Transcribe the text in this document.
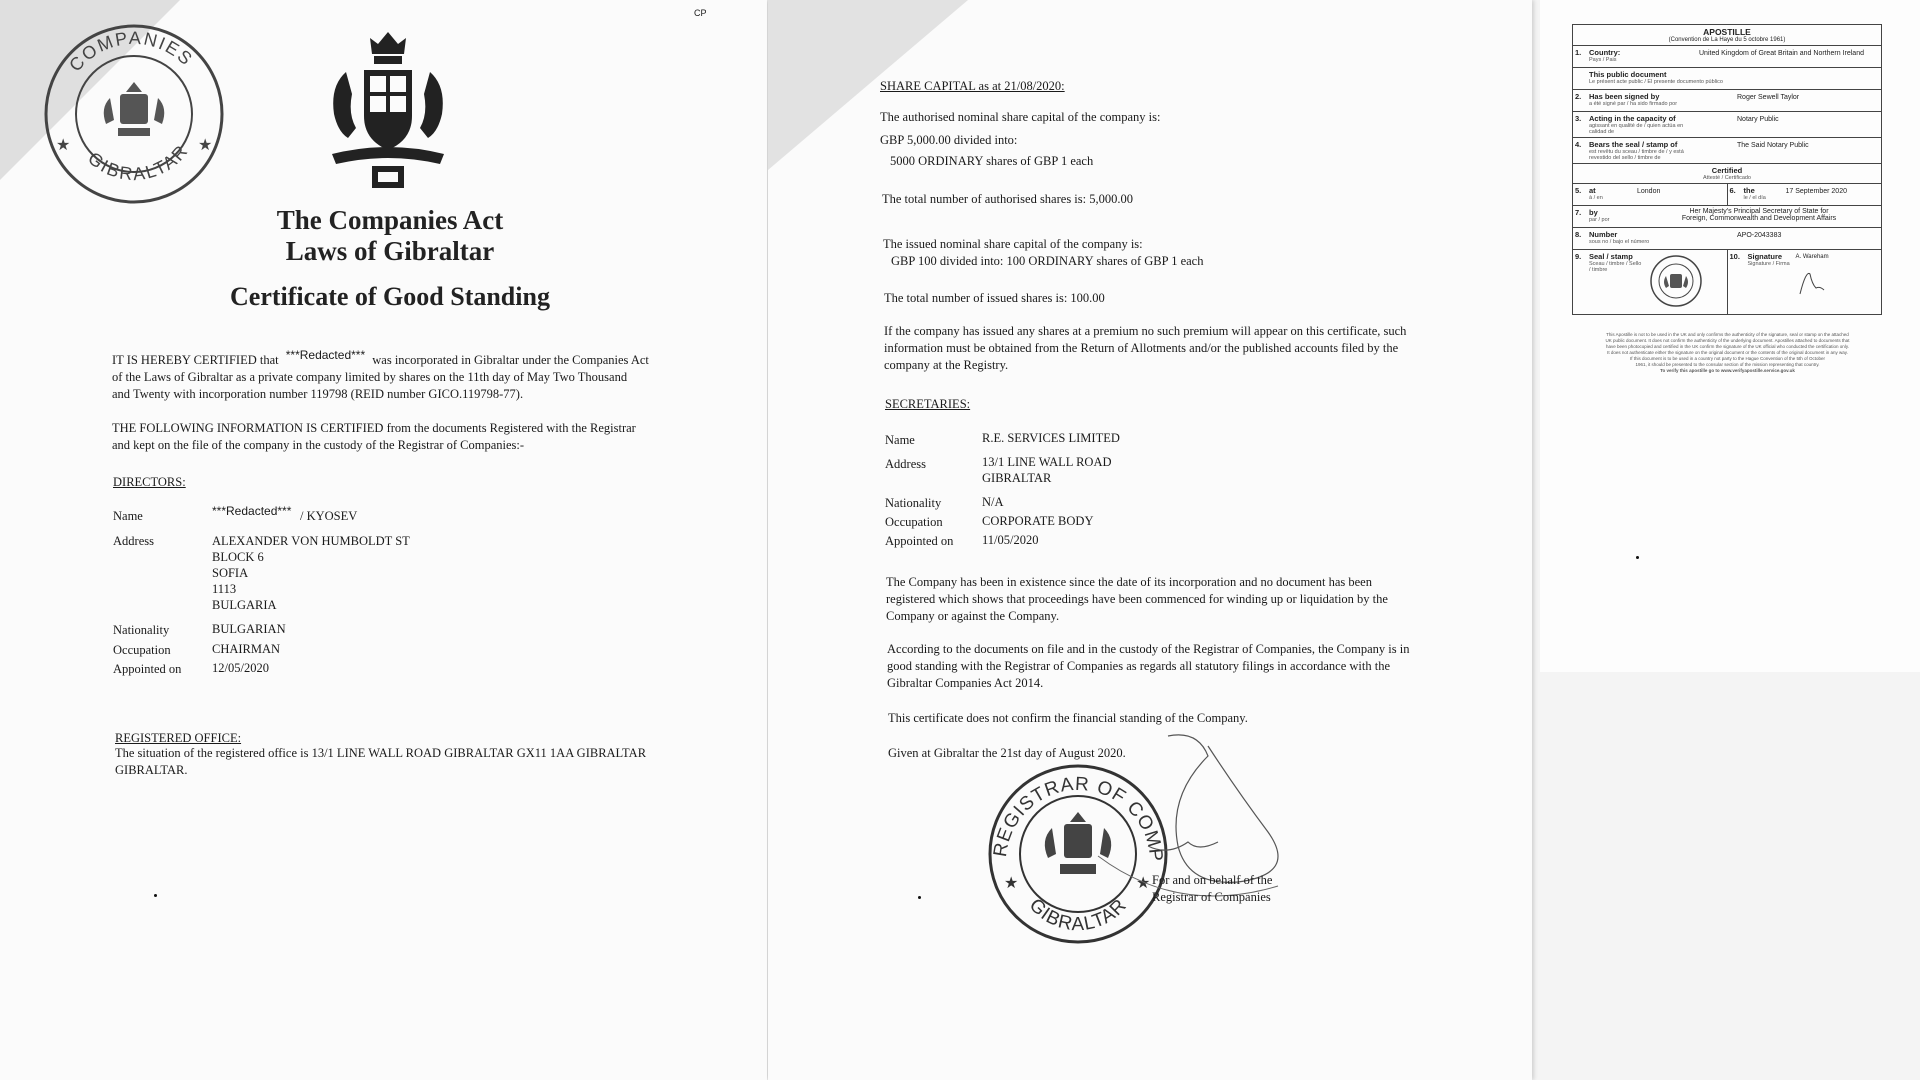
CP
COMPANIES
GIBRALTAR
★	★
The Companies Act
Laws of Gibraltar
Certificate of Good Standing
IT IS HEREBY CERTIFIED that ***Redacted*** was incorporated in Gibraltar under the Companies Act
of the Laws of Gibraltar as a private company limited by shares on the 11th day of May Two Thousand
and Twenty with incorporation number 119798 (REID number GICO.119798-77).
THE FOLLOWING INFORMATION IS CERTIFIED from the documents Registered with the Registrar
and kept on the file of the company in the custody of the Registrar of Companies:-
DIRECTORS:
Name	***Redacted*** / KYOSEV
Address	ALEXANDER VON HUMBOLDT ST
BLOCK 6
SOFIA
1113
BULGARIA
Nationality	BULGARIAN
Occupation	CHAIRMAN
Appointed on 12/05/2020
REGISTERED OFFICE:
The situation of the registered office is 13/1 LINE WALL ROAD GIBRALTAR GX11 1AA GIBRALTAR
GIBRALTAR.
SHARE CAPITAL as at 21/08/2020:
The authorised nominal share capital of the company is:
GBP 5,000.00 divided into:
5000 ORDINARY shares of GBP 1 each
The total number of authorised shares is: 5,000.00
The issued nominal share capital of the company is:
GBP 100 divided into: 100 ORDINARY shares of GBP 1 each
The total number of issued shares is: 100.00
If the company has issued any shares at a premium no such premium will appear on this certificate, such
information must be obtained from the Return of Allotments and/or the published accounts filed by the
company at the Registry.
SECRETARIES:
Name	R.E. SERVICES LIMITED
Address	13/1 LINE WALL ROAD
GIBRALTAR
Nationality	N/A
Occupation	CORPORATE BODY
Appointed on 11/05/2020
The Company has been in existence since the date of its incorporation and no document has been
registered which shows that proceedings have been commenced for winding up or liquidation by the
Company or against the Company.
According to the documents on file and in the custody of the Registrar of Companies, the Company is in
good standing with the Registrar of Companies as regards all statutory filings in accordance with the
Gibraltar Companies Act 2014.
This certificate does not confirm the financial standing of the Company.
Given at Gibraltar the 21st day of August 2020.
REGISTRAR OF COMP
GIBRALTAR
★	★ For and on behalf of the
Registrar of Companies
APOSTILLE
(Convention de La Haye du 5 octobre 1961)
1.	Country:
Pays / Pais
United Kingdom of Great Britain and Northern Ireland
This public document
Le présent acte public / El presente documento público
2.	Has been signed by
a été signé par / ha sido firmado por
Roger Sewell Taylor
3.	Acting in the capacity of
agissant en qualité de / quien actúa en calidad de
Notary Public
4.	Bears the seal / stamp of
est revêtu du sceau / timbre de / y está revestido del sello / timbre de
The Said Notary Public
Certified
Attesté / Certificado
5.	at
à / en
London	6.	the
le / el día
17 September 2020
7.	by
par / por
Her Majesty's Principal Secretary of State for
Foreign, Commonwealth and Development Affairs
8.	Number
sous no / bajo el número
APO-2043383
9.	Seal / stamp
Sceau / timbre / Sello / timbre
10.	Signature
Signature / Firma
A. Wareham
This Apostille is not to be used in the UK and only confirms the authenticity of the signature, seal or stamp on the attached
UK public document. It does not confirm the authenticity of the underlying document. Apostilles attached to documents that
have been photocopied and certified in the UK confirm the signature of the UK official who conducted the certification only.
It does not authenticate either the signature on the original document or the contents of the original document in any way.
If this document is to be used in a country not party to the Hague Convention of the 5th of October
1961, it should be presented to the consular section of the mission representing that country.
To verify this apostille go to www.verifyapostille.service.gov.uk
